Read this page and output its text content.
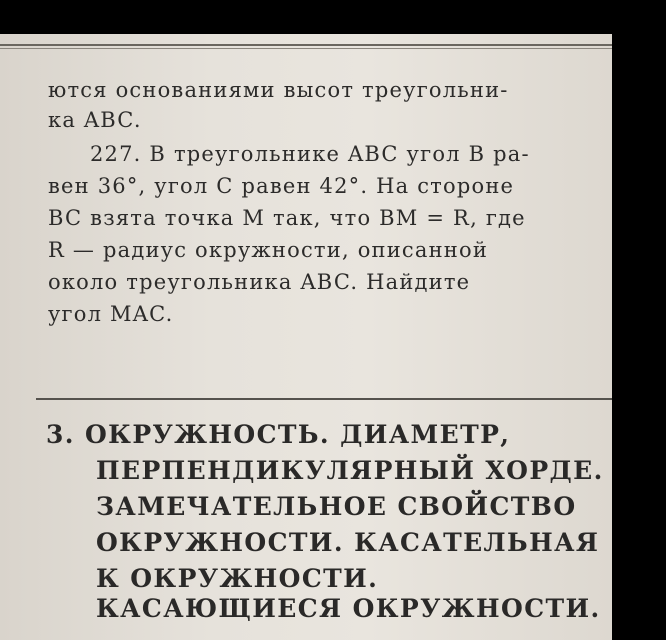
ются основаниями высот треугольни-
ка ABC.
227. В треугольнике ABC угол B ра-
вен 36°, угол C равен 42°. На стороне
BC взята точка M так, что BM = R, где
R — радиус окружности, описанной
около треугольника ABC. Найдите
угол MAC.
3. ОКРУЖНОСТЬ. ДИАМЕТР,
ПЕРПЕНДИКУЛЯРНЫЙ ХОРДЕ.
ЗАМЕЧАТЕЛЬНОЕ СВОЙСТВО
ОКРУЖНОСТИ. КАСАТЕЛЬНАЯ
К ОКРУЖНОСТИ.
КАСАЮЩИЕСЯ ОКРУЖНОСТИ.
